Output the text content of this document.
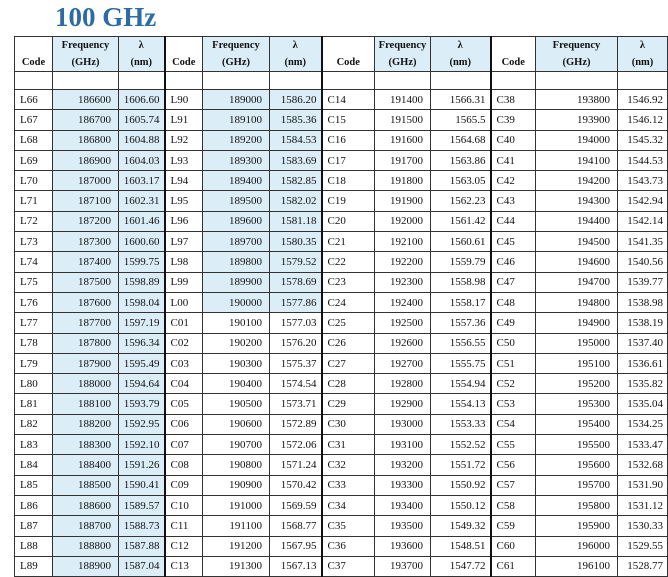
100 GHz
	Frequency	λ		Frequency	λ		Frequency	λ		Frequency	λ
Code	(GHz)	(nm)	Code	(GHz)	(nm)	Code	(GHz)	(nm)	Code	(GHz)	(nm)

L66	186600	1606.60	L90	189000	1586.20	C14	191400	1566.31	C38	193800	1546.92
L67	186700	1605.74	L91	189100	1585.36	C15	191500	1565.5	C39	193900	1546.12
L68	186800	1604.88	L92	189200	1584.53	C16	191600	1564.68	C40	194000	1545.32
L69	186900	1604.03	L93	189300	1583.69	C17	191700	1563.86	C41	194100	1544.53
L70	187000	1603.17	L94	189400	1582.85	C18	191800	1563.05	C42	194200	1543.73
L71	187100	1602.31	L95	189500	1582.02	C19	191900	1562.23	C43	194300	1542.94
L72	187200	1601.46	L96	189600	1581.18	C20	192000	1561.42	C44	194400	1542.14
L73	187300	1600.60	L97	189700	1580.35	C21	192100	1560.61	C45	194500	1541.35
L74	187400	1599.75	L98	189800	1579.52	C22	192200	1559.79	C46	194600	1540.56
L75	187500	1598.89	L99	189900	1578.69	C23	192300	1558.98	C47	194700	1539.77
L76	187600	1598.04	L00	190000	1577.86	C24	192400	1558.17	C48	194800	1538.98
L77	187700	1597.19	C01	190100	1577.03	C25	192500	1557.36	C49	194900	1538.19
L78	187800	1596.34	C02	190200	1576.20	C26	192600	1556.55	C50	195000	1537.40
L79	187900	1595.49	C03	190300	1575.37	C27	192700	1555.75	C51	195100	1536.61
L80	188000	1594.64	C04	190400	1574.54	C28	192800	1554.94	C52	195200	1535.82
L81	188100	1593.79	C05	190500	1573.71	C29	192900	1554.13	C53	195300	1535.04
L82	188200	1592.95	C06	190600	1572.89	C30	193000	1553.33	C54	195400	1534.25
L83	188300	1592.10	C07	190700	1572.06	C31	193100	1552.52	C55	195500	1533.47
L84	188400	1591.26	C08	190800	1571.24	C32	193200	1551.72	C56	195600	1532.68
L85	188500	1590.41	C09	190900	1570.42	C33	193300	1550.92	C57	195700	1531.90
L86	188600	1589.57	C10	191000	1569.59	C34	193400	1550.12	C58	195800	1531.12
L87	188700	1588.73	C11	191100	1568.77	C35	193500	1549.32	C59	195900	1530.33
L88	188800	1587.88	C12	191200	1567.95	C36	193600	1548.51	C60	196000	1529.55
L89	188900	1587.04	C13	191300	1567.13	C37	193700	1547.72	C61	196100	1528.77
